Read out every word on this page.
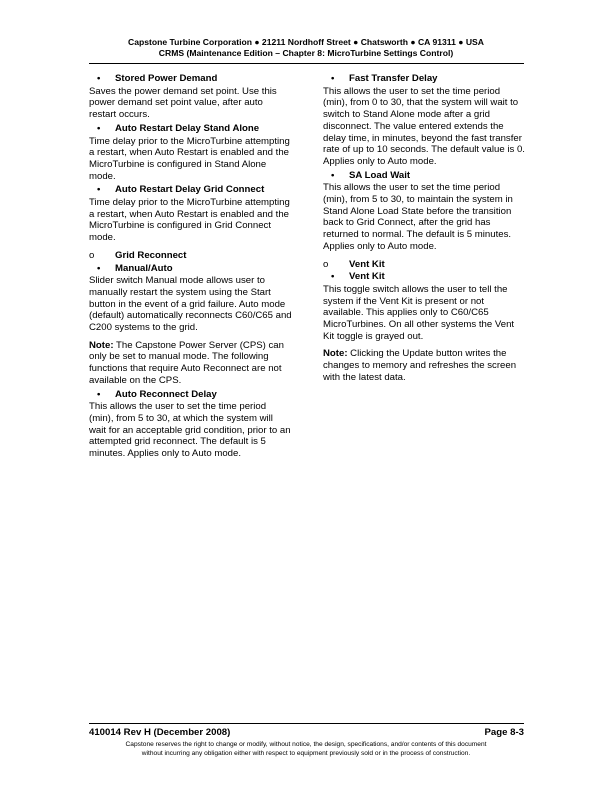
Capstone Turbine Corporation ● 21211 Nordhoff Street ● Chatsworth ● CA 91311 ● USA
CRMS (Maintenance Edition – Chapter 8: MicroTurbine Settings Control)
•	Stored Power Demand

Saves the power demand set point. Use this power demand set point value, after auto restart occurs.

•	Auto Restart Delay Stand Alone

Time delay prior to the MicroTurbine attempting a restart, when Auto Restart is enabled and the MicroTurbine is configured in Stand Alone mode.

•	Auto Restart Delay Grid Connect

Time delay prior to the MicroTurbine attempting a restart, when Auto Restart is enabled and the MicroTurbine is configured in Grid Connect mode.

o	Grid Reconnect
•	Manual/Auto

Slider switch Manual mode allows user to manually restart the system using the Start button in the event of a grid failure. Auto mode (default) automatically reconnects C60/C65 and C200 systems to the grid.

Note: The Capstone Power Server (CPS) can only be set to manual mode. The following functions that require Auto Reconnect are not available on the CPS.

•	Auto Reconnect Delay

This allows the user to set the time period (min), from 5 to 30, at which the system will wait for an acceptable grid condition, prior to an attempted grid reconnect. The default is 5 minutes. Applies only to Auto mode.

•	Fast Transfer Delay

This allows the user to set the time period (min), from 0 to 30, that the system will wait to switch to Stand Alone mode after a grid disconnect. The value entered extends the delay time, in minutes, beyond the fast transfer rate of up to 10 seconds. The default value is 0. Applies only to Auto mode.

•	SA Load Wait

This allows the user to set the time period (min), from 5 to 30, to maintain the system in Stand Alone Load State before the transition back to Grid Connect, after the grid has returned to normal. The default is 5 minutes. Applies only to Auto mode.

o	Vent Kit
•	Vent Kit

This toggle switch allows the user to tell the system if the Vent Kit is present or not available. This applies only to C60/C65 MicroTurbines. On all other systems the Vent Kit toggle is grayed out.

Note: Clicking the Update button writes the changes to memory and refreshes the screen with the latest data.

410014 Rev H (December 2008)	Page 8-3
Capstone reserves the right to change or modify, without notice, the design, specifications, and/or contents of this document
without incurring any obligation either with respect to equipment previously sold or in the process of construction.
